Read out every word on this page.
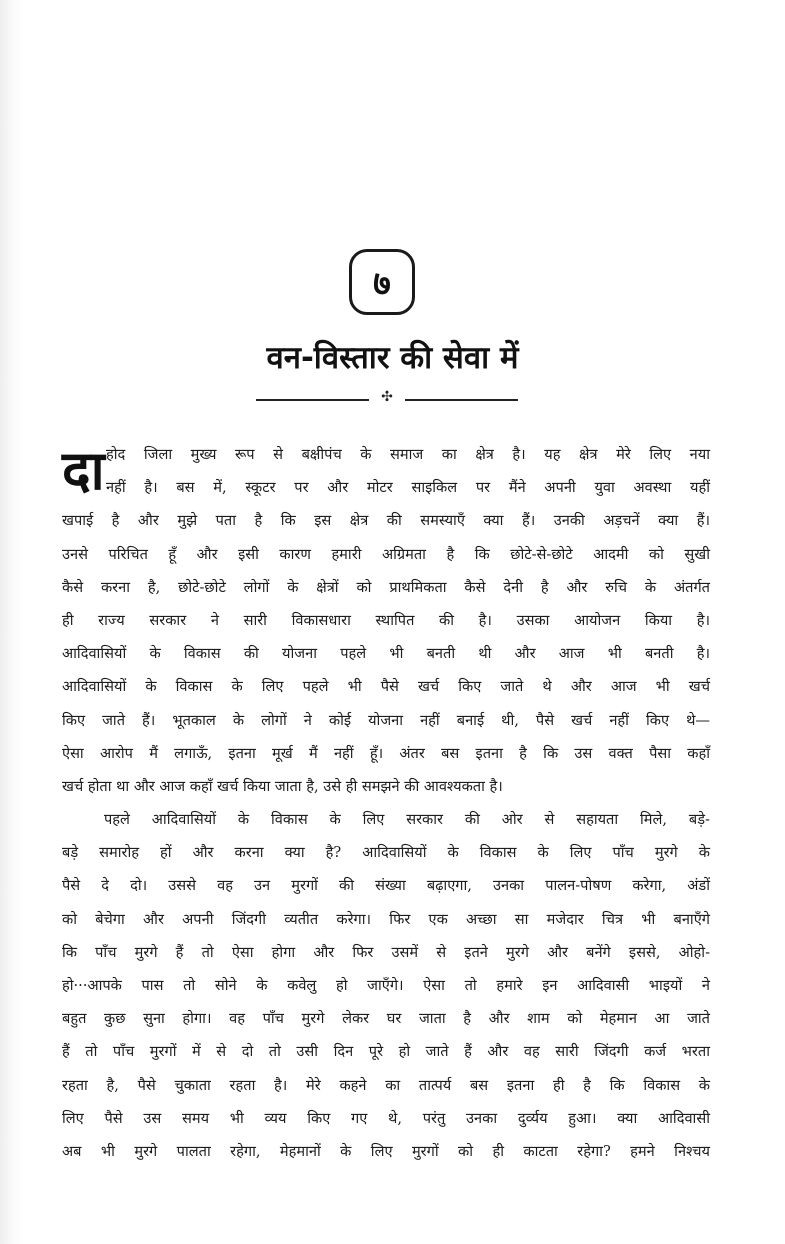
७
वन-विस्तार की सेवा में
✣
दा होद जिला मुख्य रूप से बक्षीपंच के समाज का क्षेत्र है। यह क्षेत्र मेरे लिए नया
नहीं है। बस में, स्कूटर पर और मोटर साइकिल पर मैंने अपनी युवा अवस्था यहीं
खपाई है और मुझे पता है कि इस क्षेत्र की समस्याएँ क्या हैं। उनकी अड़चनें क्या हैं।
उनसे परिचित हूँ और इसी कारण हमारी अग्रिमता है कि छोटे-से-छोटे आदमी को सुखी
कैसे करना है, छोटे-छोटे लोगों के क्षेत्रों को प्राथमिकता कैसे देनी है और रुचि के अंतर्गत
ही राज्य सरकार ने सारी विकासधारा स्थापित की है। उसका आयोजन किया है।
आदिवासियों के विकास की योजना पहले भी बनती थी और आज भी बनती है।
आदिवासियों के विकास के लिए पहले भी पैसे खर्च किए जाते थे और आज भी खर्च
किए जाते हैं। भूतकाल के लोगों ने कोई योजना नहीं बनाई थी, पैसे खर्च नहीं किए थे—
ऐसा आरोप मैं लगाऊँ, इतना मूर्ख मैं नहीं हूँ। अंतर बस इतना है कि उस वक्त पैसा कहाँ
खर्च होता था और आज कहाँ खर्च किया जाता है, उसे ही समझने की आवश्यकता है।
पहले आदिवासियों के विकास के लिए सरकार की ओर से सहायता मिले, बड़े-
बड़े समारोह हों और करना क्या है? आदिवासियों के विकास के लिए पाँच मुरगे के
पैसे दे दो। उससे वह उन मुरगों की संख्या बढ़ाएगा, उनका पालन-पोषण करेगा, अंडों
को बेचेगा और अपनी जिंदगी व्यतीत करेगा। फिर एक अच्छा सा मजेदार चित्र भी बनाएँगे
कि पाँच मुरगे हैं तो ऐसा होगा और फिर उसमें से इतने मुरगे और बनेंगे इससे, ओहो-
हो···आपके पास तो सोने के कवेलु हो जाएँगे। ऐसा तो हमारे इन आदिवासी भाइयों ने
बहुत कुछ सुना होगा। वह पाँच मुरगे लेकर घर जाता है और शाम को मेहमान आ जाते
हैं तो पाँच मुरगों में से दो तो उसी दिन पूरे हो जाते हैं और वह सारी जिंदगी कर्ज भरता
रहता है, पैसे चुकाता रहता है। मेरे कहने का तात्पर्य बस इतना ही है कि विकास के
लिए पैसे उस समय भी व्यय किए गए थे, परंतु उनका दुर्व्यय हुआ। क्या आदिवासी
अब भी मुरगे पालता रहेगा, मेहमानों के लिए मुरगों को ही काटता रहेगा? हमने निश्चय
